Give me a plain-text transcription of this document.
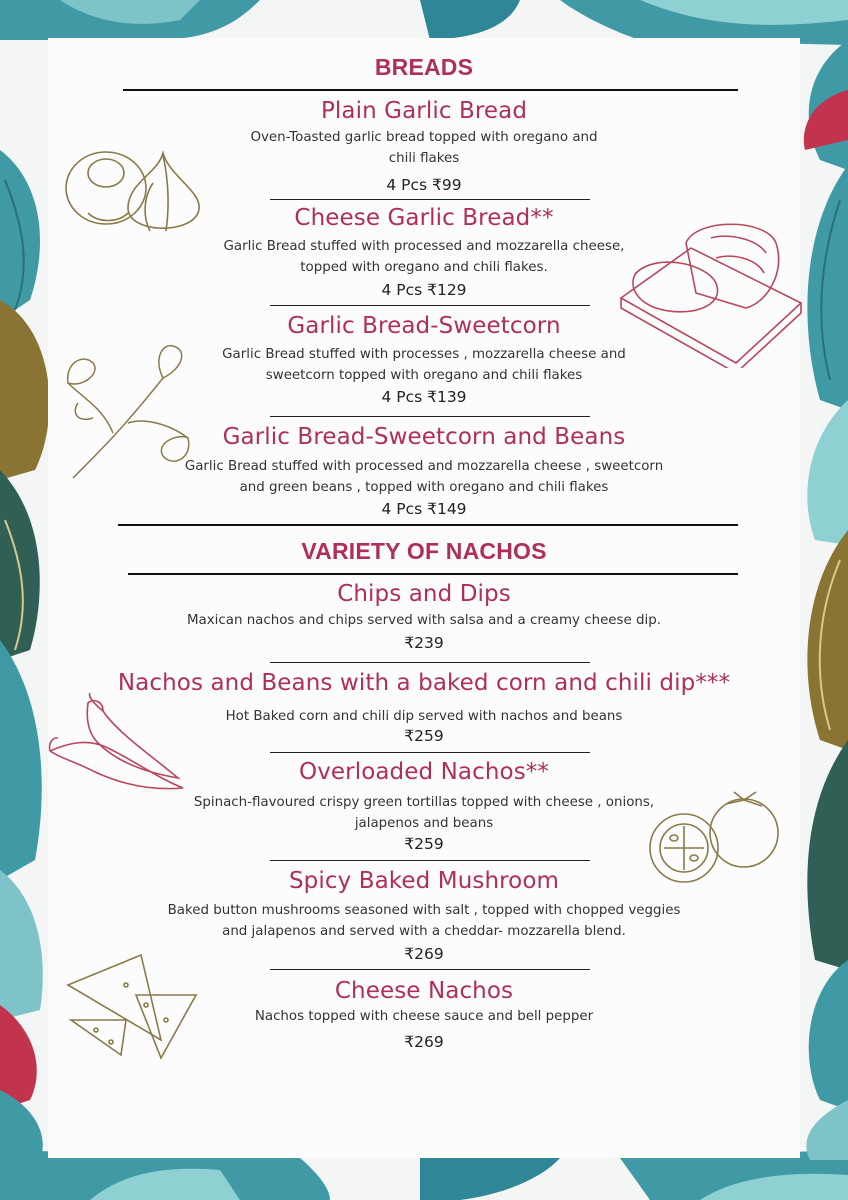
BREADS
Plain Garlic Bread
Oven-Toasted garlic bread topped with oregano and
chili flakes
4 Pcs ₹99
Cheese Garlic Bread**
Garlic Bread stuffed with processed and mozzarella cheese,
topped with oregano and chili flakes.
4 Pcs ₹129
Garlic Bread-Sweetcorn
Garlic Bread stuffed with processes , mozzarella cheese and
sweetcorn topped with oregano and chili flakes
4 Pcs ₹139
Garlic Bread-Sweetcorn and Beans
Garlic Bread stuffed with processed and mozzarella cheese , sweetcorn
and green beans , topped with oregano and chili flakes
4 Pcs ₹149
VARIETY OF NACHOS
Chips and Dips
Maxican nachos and chips served with salsa and a creamy cheese dip.
₹239
Nachos and Beans with a baked corn and chili dip***
Hot Baked corn and chili dip served with nachos and beans
₹259
Overloaded Nachos**
Spinach-flavoured crispy green tortillas topped with cheese , onions,
jalapenos and beans
₹259
Spicy Baked Mushroom
Baked button mushrooms seasoned with salt , topped with chopped veggies
and jalapenos and served with a cheddar- mozzarella blend.
₹269
Cheese Nachos
Nachos topped with cheese sauce and bell pepper
₹269
